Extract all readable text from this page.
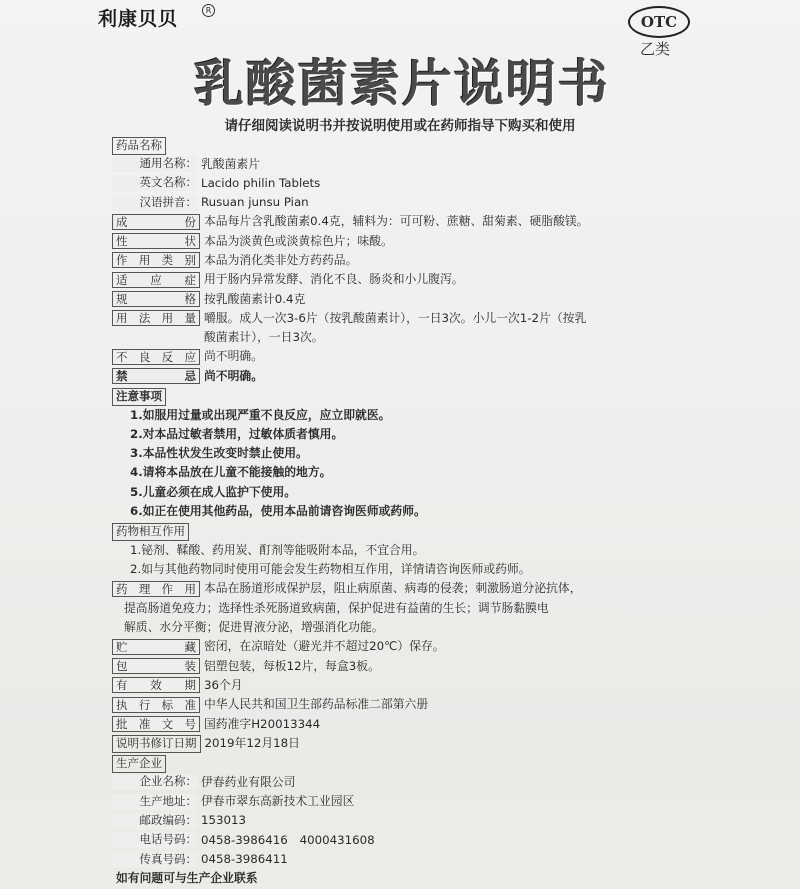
利康贝贝	R
OTC
乙类
乳酸菌素片说明书
请仔细阅读说明书并按说明使用或在药师指导下购买和使用
药品名称
通用名称： 乳酸菌素片
英文名称： Lacido philin Tablets
汉语拼音： Rusuan junsu Pian
成　　份 本品每片含乳酸菌素0.4克，辅料为：可可粉、蔗糖、甜菊素、硬脂酸镁。
性　　状 本品为淡黄色或淡黄棕色片；味酸。
作用类别 本品为消化类非处方药药品。
适 应 症 用于肠内异常发酵、消化不良、肠炎和小儿腹泻。
规　　格 按乳酸菌素计0.4克
用法用量 嚼服。成人一次3-6片（按乳酸菌素计），一日3次。小儿一次1-2片（按乳
酸菌素计），一日3次。
不良反应 尚不明确。
禁　　忌 尚不明确。
注意事项
1.如服用过量或出现严重不良反应，应立即就医。
2.对本品过敏者禁用，过敏体质者慎用。
3.本品性状发生改变时禁止使用。
4.请将本品放在儿童不能接触的地方。
5.儿童必须在成人监护下使用。
6.如正在使用其他药品，使用本品前请咨询医师或药师。
药物相互作用
1.铋剂、鞣酸、药用炭、酊剂等能吸附本品，不宜合用。
2.如与其他药物同时使用可能会发生药物相互作用，详情请咨询医师或药师。
药理作用 本品在肠道形成保护层，阻止病原菌、病毒的侵袭；刺激肠道分泌抗体，
提高肠道免疫力；选择性杀死肠道致病菌，保护促进有益菌的生长；调节肠黏膜电
解质、水分平衡；促进胃液分泌，增强消化功能。
贮　　藏 密闭，在凉暗处（避光并不超过20℃）保存。
包　　装 铝塑包装，每板12片，每盒3板。
有 效 期 36个月
执行标准 中华人民共和国卫生部药品标准二部第六册
批准文号 国药准字H20013344
说明书修订日期 2019年12月18日
生产企业
企业名称： 伊春药业有限公司
生产地址： 伊春市翠东高新技术工业园区
邮政编码： 153013
电话号码： 0458-3986416　4000431608
传真号码： 0458-3986411
如有问题可与生产企业联系
